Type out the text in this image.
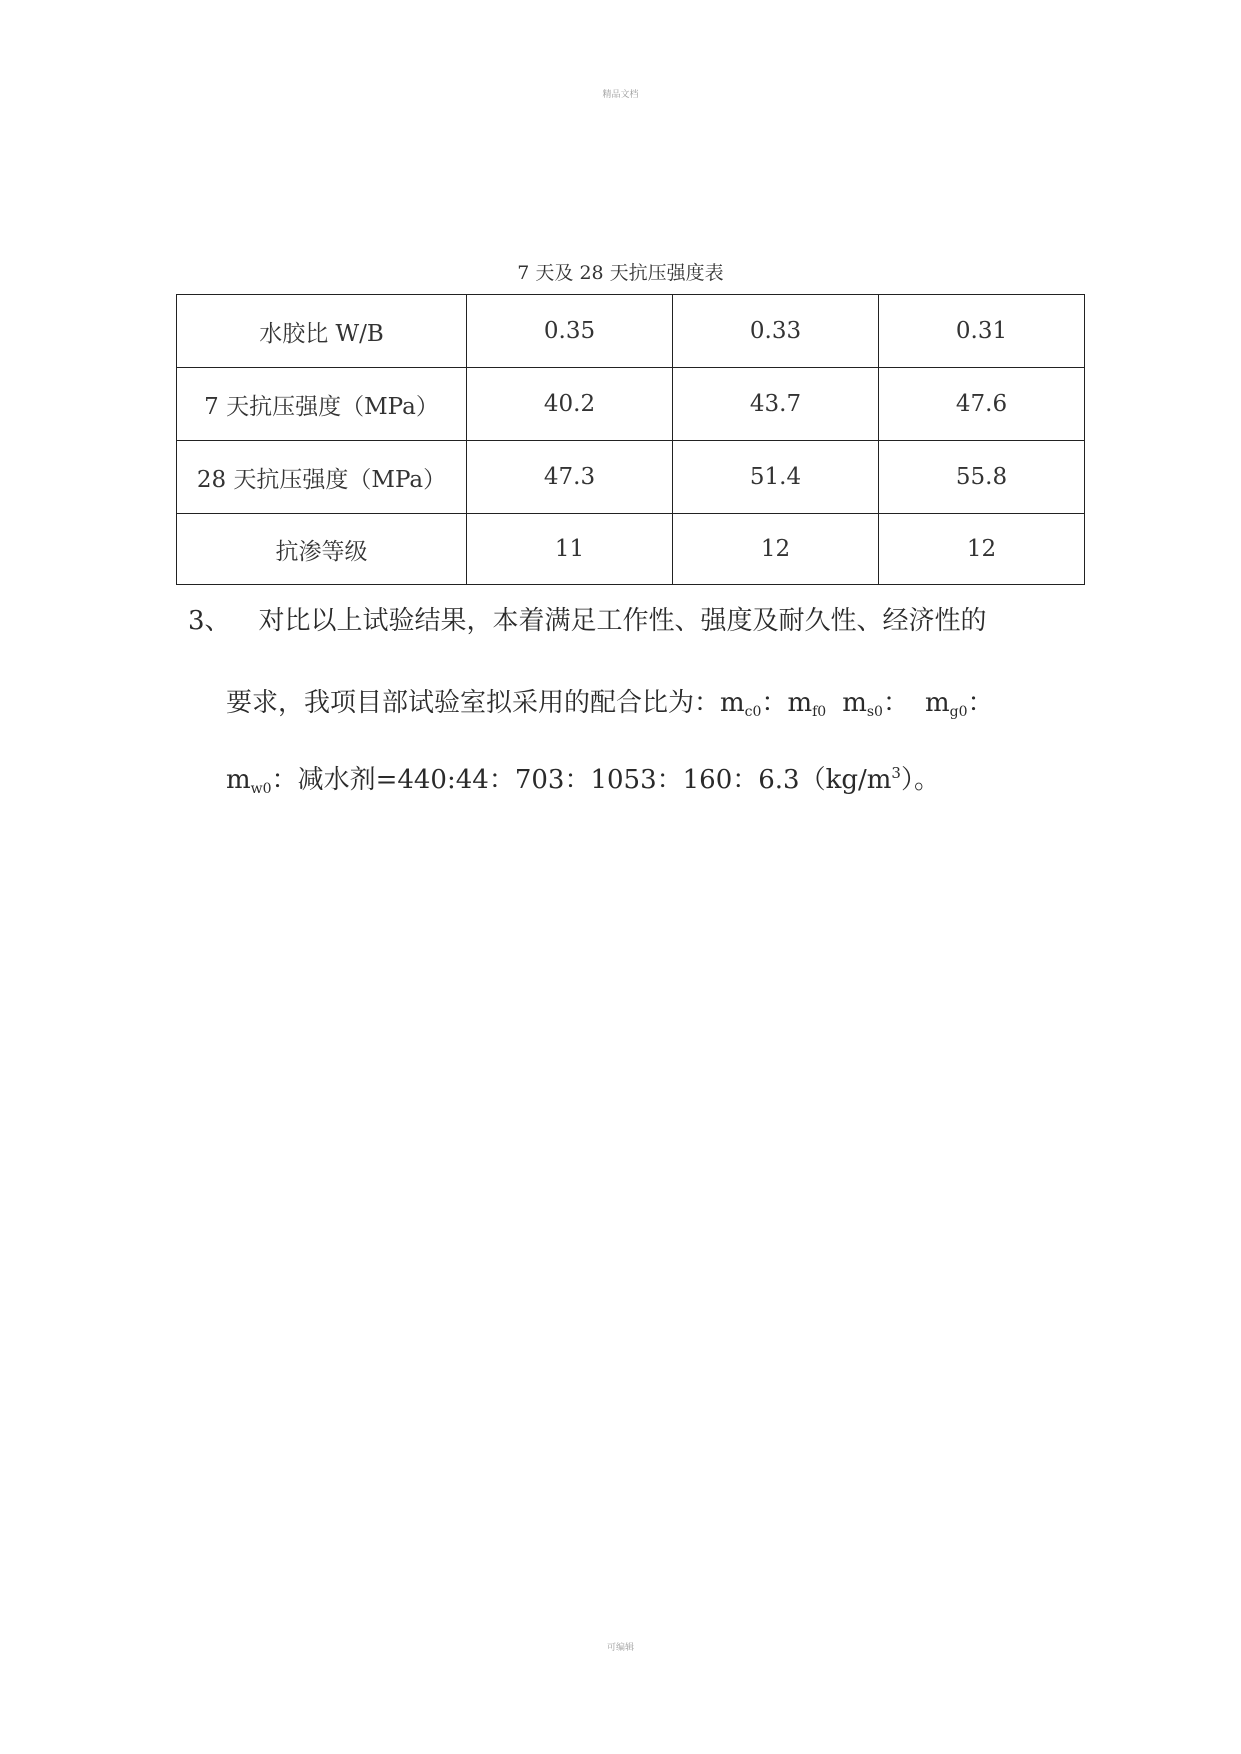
精品文档
7 天及 28 天抗压强度表
水胶比 W/B	0.35	0.33	0.31
7 天抗压强度（MPa）	40.2	43.7	47.6
28 天抗压强度（MPa）	47.3	51.4	55.8
抗渗等级	11	12	12
3、 对比以上试验结果，本着满足工作性、强度及耐久性、经济性的
要求，我项目部试验室拟采用的配合比为：$m_{c0}$：$m_{f0}$ $m_{s0}$： $m_{g0}$：
$m_{w0}$：减水剂=440:44：703：1053：160：$6.3(kg/m^3)$。
可编辑
